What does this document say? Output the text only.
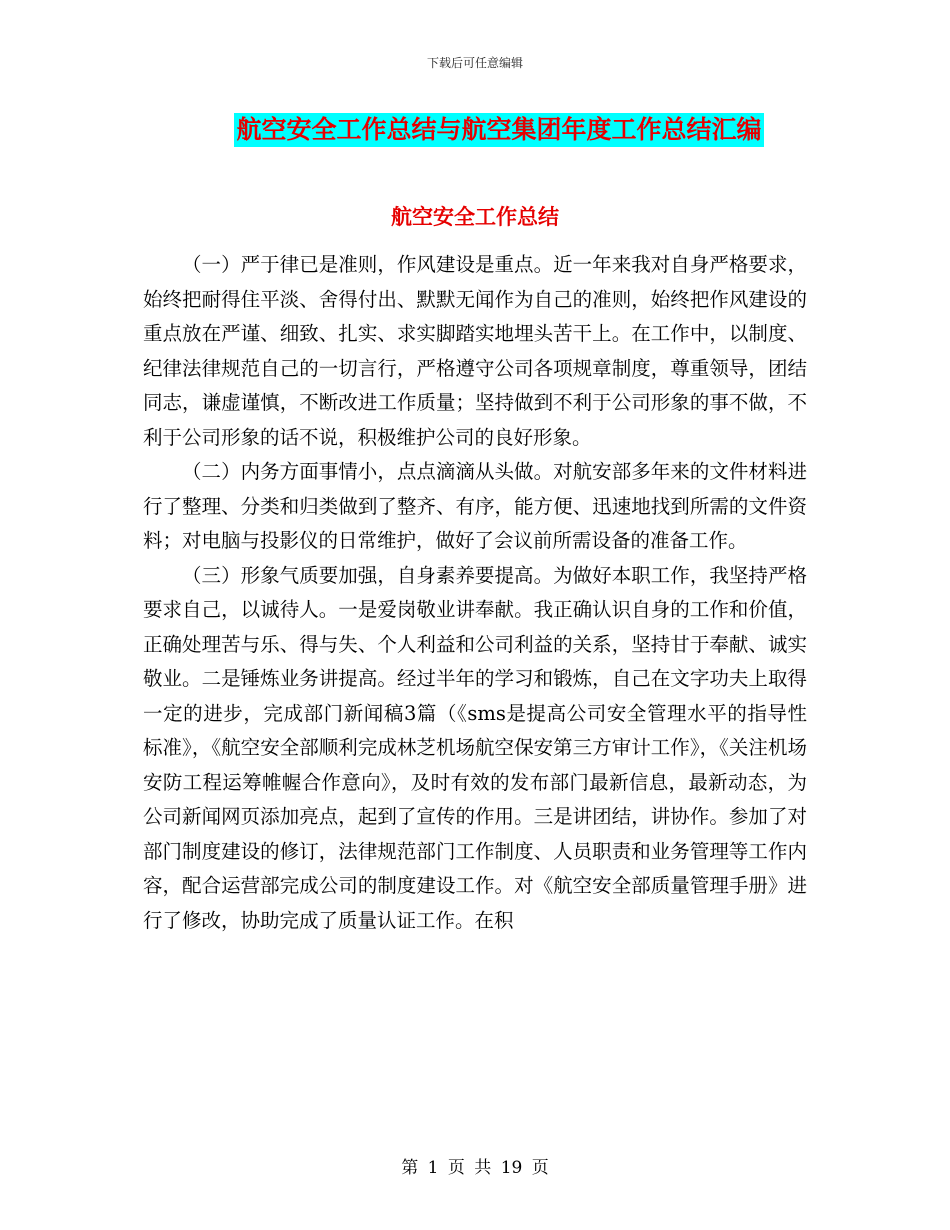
下载后可任意编辑
航空安全工作总结与航空集团年度工作总结汇编
航空安全工作总结

（一）严于律已是准则，作风建设是重点。近一年来我对自身严格要求，始终把耐得住平淡、舍得付出、默默无闻作为自己的准则，始终把作风建设的重点放在严谨、细致、扎实、求实脚踏实地埋头苦干上。在工作中，以制度、纪律法律规范自己的一切言行，严格遵守公司各项规章制度，尊重领导，团结同志，谦虚谨慎，不断改进工作质量；坚持做到不利于公司形象的事不做，不利于公司形象的话不说，积极维护公司的良好形象。

（二）内务方面事情小，点点滴滴从头做。对航安部多年来的文件材料进行了整理、分类和归类做到了整齐、有序，能方便、迅速地找到所需的文件资料；对电脑与投影仪的日常维护，做好了会议前所需设备的准备工作。

（三）形象气质要加强，自身素养要提高。为做好本职工作，我坚持严格要求自己，以诚待人。一是爱岗敬业讲奉献。我正确认识自身的工作和价值，正确处理苦与乐、得与失、个人利益和公司利益的关系，坚持甘于奉献、诚实敬业。二是锤炼业务讲提高。经过半年的学习和锻炼，自己在文字功夫上取得一定的进步，完成部门新闻稿3篇（《sms是提高公司安全管理水平的指导性标准》，《航空安全部顺利完成林芝机场航空保安第三方审计工作》，《关注机场安防工程运筹帷幄合作意向》，及时有效的发布部门最新信息，最新动态，为公司新闻网页添加亮点，起到了宣传的作用。三是讲团结，讲协作。参加了对部门制度建设的修订，法律规范部门工作制度、人员职责和业务管理等工作内容，配合运营部完成公司的制度建设工作。对《航空安全部质量管理手册》进行了修改，协助完成了质量认证工作。在积

第 1 页 共 19 页
